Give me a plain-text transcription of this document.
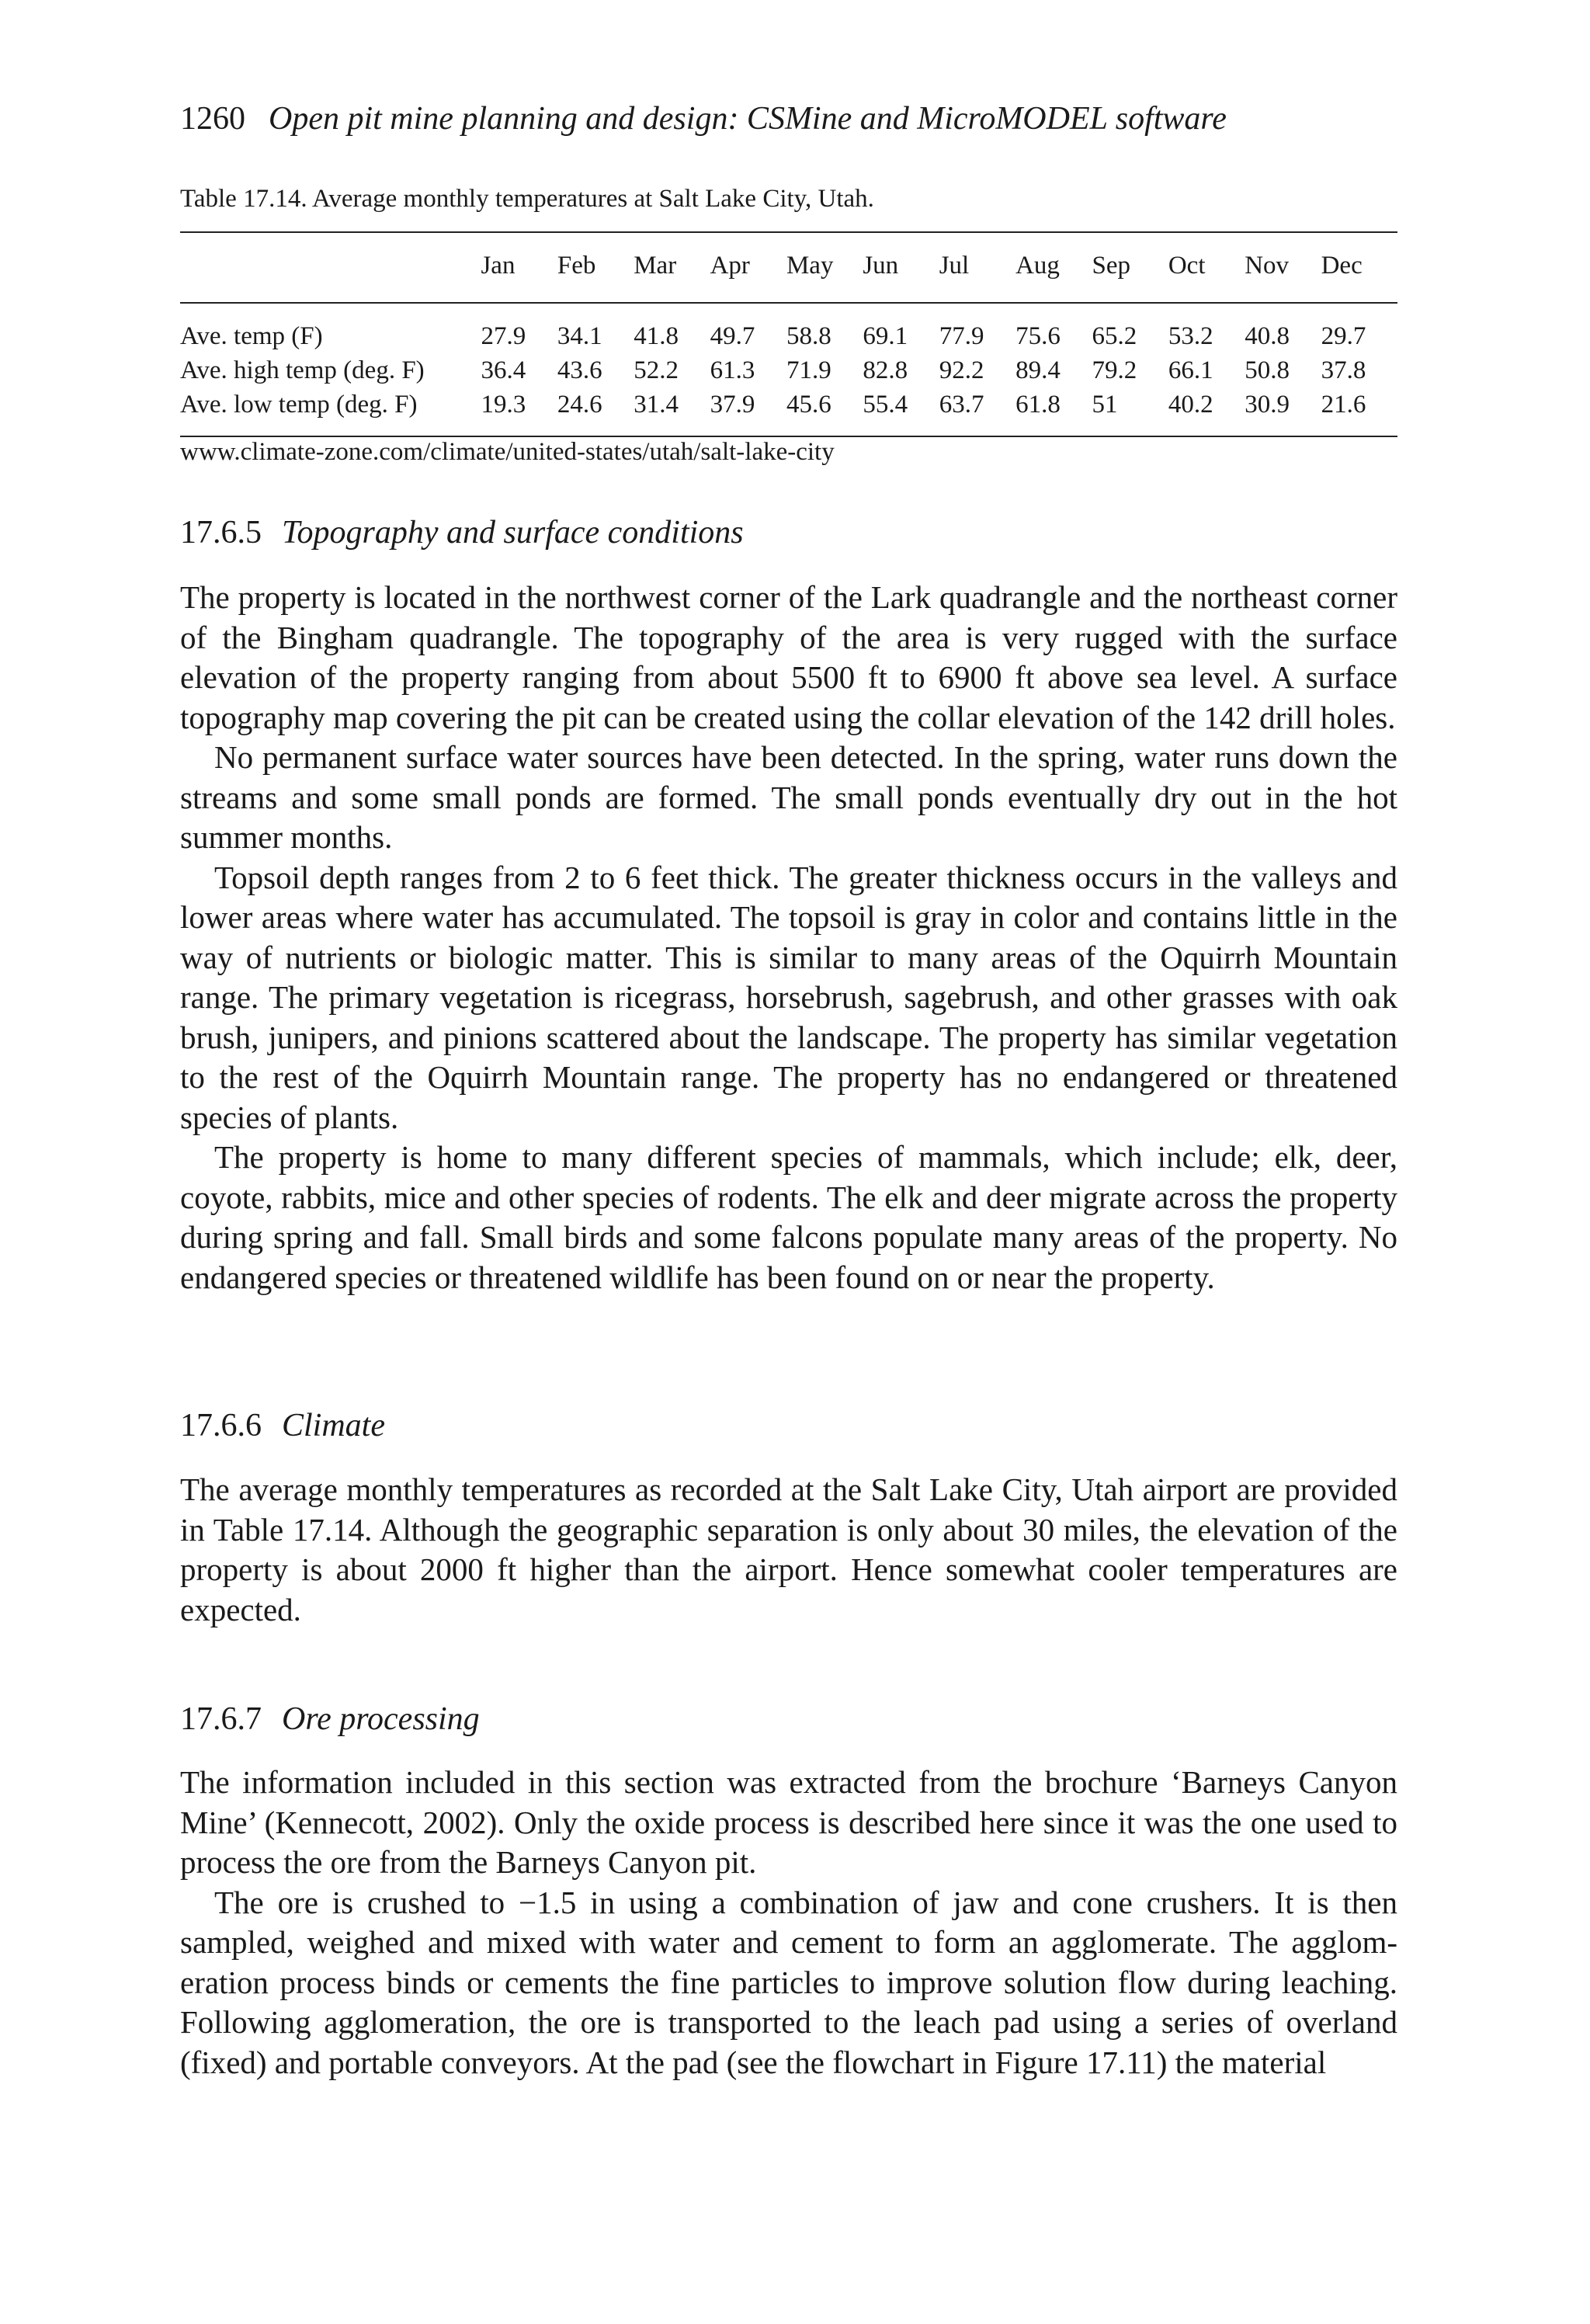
1260 Open pit mine planning and design: CSMine and MicroMODEL software
Table 17.14. Average monthly temperatures at Salt Lake City, Utah.
	Jan	Feb	Mar	Apr	May	Jun	Jul	Aug	Sep	Oct	Nov	Dec
Ave. temp (F)	27.9	34.1	41.8	49.7	58.8	69.1	77.9	75.6	65.2	53.2	40.8	29.7
Ave. high temp (deg. F)	36.4	43.6	52.2	61.3	71.9	82.8	92.2	89.4	79.2	66.1	50.8	37.8
Ave. low temp (deg. F)	19.3	24.6	31.4	37.9	45.6	55.4	63.7	61.8	51	40.2	30.9	21.6
www.climate-zone.com/climate/united-states/utah/salt-lake-city
17.6.5 Topography and surface conditions

The property is located in the northwest corner of the Lark quadrangle and the northeast corner of the Bingham quadrangle. The topography of the area is very rugged with the surface elevation of the property ranging from about 5500 ft to 6900 ft above sea level. A surface topography map covering the pit can be created using the collar elevation of the 142 drill holes.

No permanent surface water sources have been detected. In the spring, water runs down the streams and some small ponds are formed. The small ponds eventually dry out in the hot summer months.

Topsoil depth ranges from 2 to 6 feet thick. The greater thickness occurs in the valleys and lower areas where water has accumulated. The topsoil is gray in color and contains little in the way of nutrients or biologic matter. This is similar to many areas of the Oquirrh Mountain range. The primary vegetation is ricegrass, horsebrush, sagebrush, and other grasses with oak brush, junipers, and pinions scattered about the landscape. The property has similar vegetation to the rest of the Oquirrh Mountain range. The property has no endangered or threatened species of plants.

The property is home to many different species of mammals, which include; elk, deer, coyote, rabbits, mice and other species of rodents. The elk and deer migrate across the property during spring and fall. Small birds and some falcons populate many areas of the property. No endangered species or threatened wildlife has been found on or near the property.

17.6.6 Climate

The average monthly temperatures as recorded at the Salt Lake City, Utah airport are provided in Table 17.14. Although the geographic separation is only about 30 miles, the elevation of the property is about 2000 ft higher than the airport. Hence somewhat cooler temperatures are expected.

17.6.7 Ore processing

The information included in this section was extracted from the brochure ‘Barneys Canyon Mine’ (Kennecott, 2002). Only the oxide process is described here since it was the one used to process the ore from the Barneys Canyon pit.

The ore is crushed to −1.5 in using a combination of jaw and cone crushers. It is then sampled, weighed and mixed with water and cement to form an agglomerate. The agglomeration process binds or cements the fine particles to improve solution flow during leaching. Following agglomeration, the ore is transported to the leach pad using a series of overland (fixed) and portable conveyors. At the pad (see the flowchart in Figure 17.11) the material
